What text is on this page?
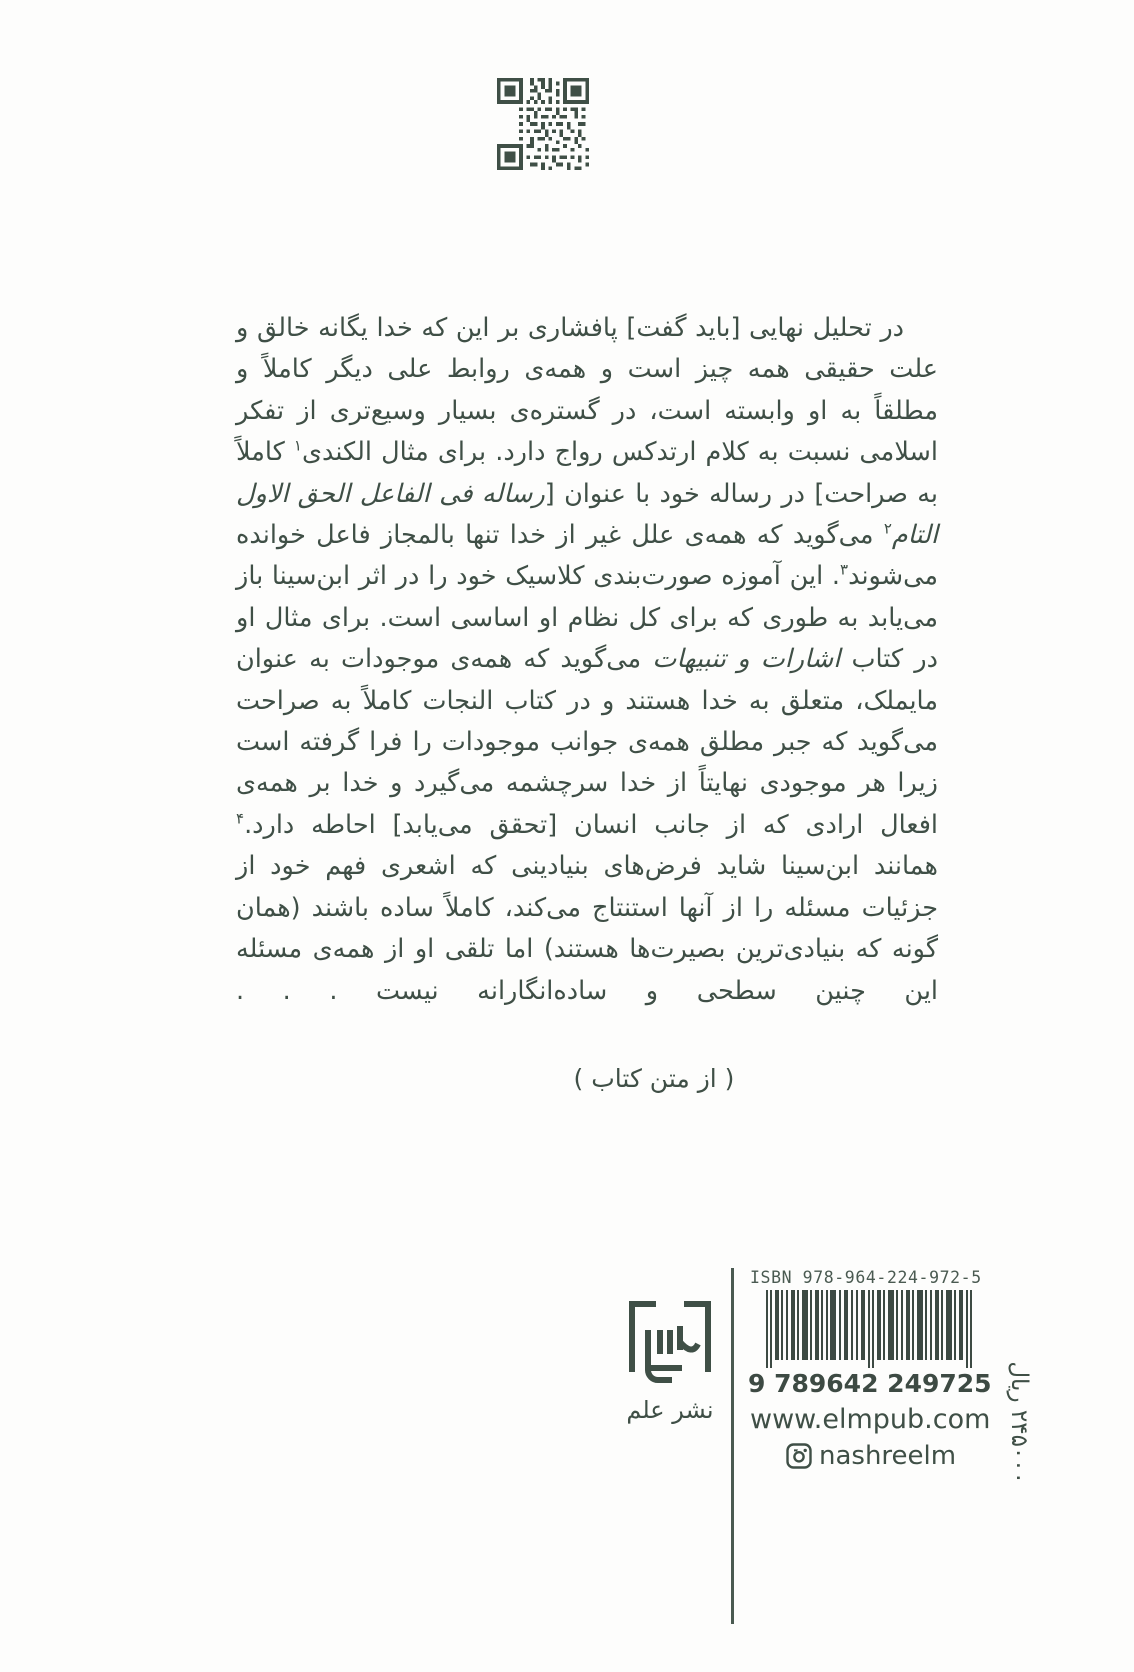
در تحلیل نهایی [باید گفت] پافشاری بر این که خدا یگانه خالق و علت حقیقی همه چیز است و همه‌ی روابط علی دیگر کاملاً و مطلقاً به او وابسته است، در گستره‌ی بسیار وسیع‌تری از تفکر اسلامی نسبت به کلام ارتدکس رواج دارد. برای مثال الکندی$^۱$ کاملاً به صراحت] در رساله خود با عنوان [رساله فی الفاعل الحق الاول التام$^۲$ می‌گوید که همه‌ی علل غیر از خدا تنها بالمجاز فاعل خوانده می‌شوند$^۳$. این آموزه صورت‌بندی کلاسیک خود را در اثر ابن‌سینا باز می‌یابد به طوری که برای کل نظام او اساسی است. برای مثال او در کتاب اشارات و تنبیهات می‌گوید که همه‌ی موجودات به عنوان مایملک، متعلق به خدا هستند و در کتاب النجات کاملاً به صراحت می‌گوید که جبر مطلق همه‌ی جوانب موجودات را فرا گرفته است زیرا هر موجودی نهایتاً از خدا سرچشمه می‌گیرد و خدا بر همه‌ی افعال ارادی که از جانب انسان [تحقق می‌یابد] احاطه دارد.$^۴$

همانند ابن‌سینا شاید فرض‌های بنیادینی که اشعری فهم خود از جزئیات مسئله را از آنها استنتاج می‌کند، کاملاً ساده باشند (همان گونه که بنیادی‌ترین بصیرت‌ها هستند) اما تلقی او از همه‌ی مسئله این چنین سطحی و ساده‌انگارانه نیست . . .

( از متن کتاب )
نشر علم
ISBN 978-964-224-972-5
9 789642 249725
www.elmpub.com
nashreelm
۲۴۵۰۰۰ ریال
